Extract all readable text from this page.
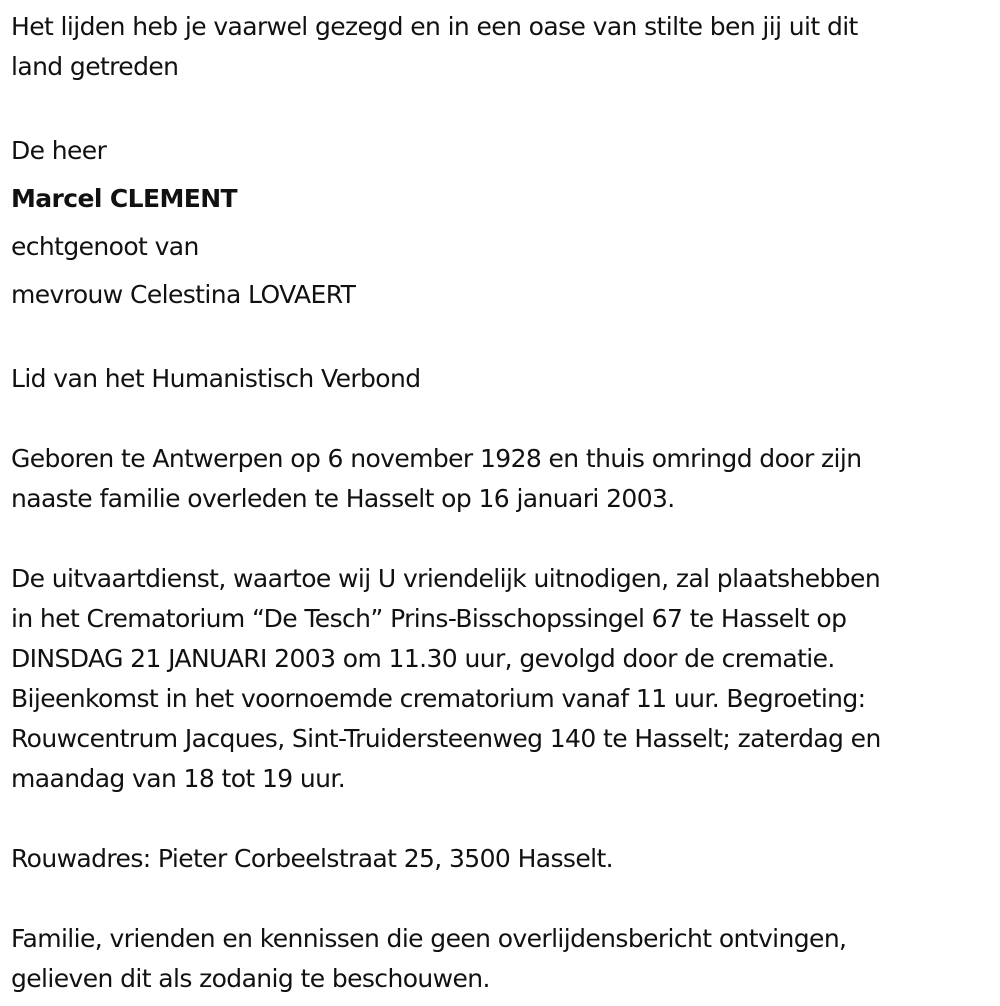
Het lijden heb je vaarwel gezegd en in een oase van stilte ben jij uit dit
land getreden

De heer

Marcel CLEMENT

echtgenoot van

mevrouw Celestina LOVAERT

Lid van het Humanistisch Verbond

Geboren te Antwerpen op 6 november 1928 en thuis omringd door zijn
naaste familie overleden te Hasselt op 16 januari 2003.

De uitvaartdienst, waartoe wij U vriendelijk uitnodigen, zal plaatshebben
in het Crematorium “De Tesch” Prins-Bisschopssingel 67 te Hasselt op
DINSDAG 21 JANUARI 2003 om 11.30 uur, gevolgd door de crematie.
Bijeenkomst in het voornoemde crematorium vanaf 11 uur. Begroeting:
Rouwcentrum Jacques, Sint-Truidersteenweg 140 te Hasselt; zaterdag en
maandag van 18 tot 19 uur.

Rouwadres: Pieter Corbeelstraat 25, 3500 Hasselt.

Familie, vrienden en kennissen die geen overlijdensbericht ontvingen,
gelieven dit als zodanig te beschouwen.
